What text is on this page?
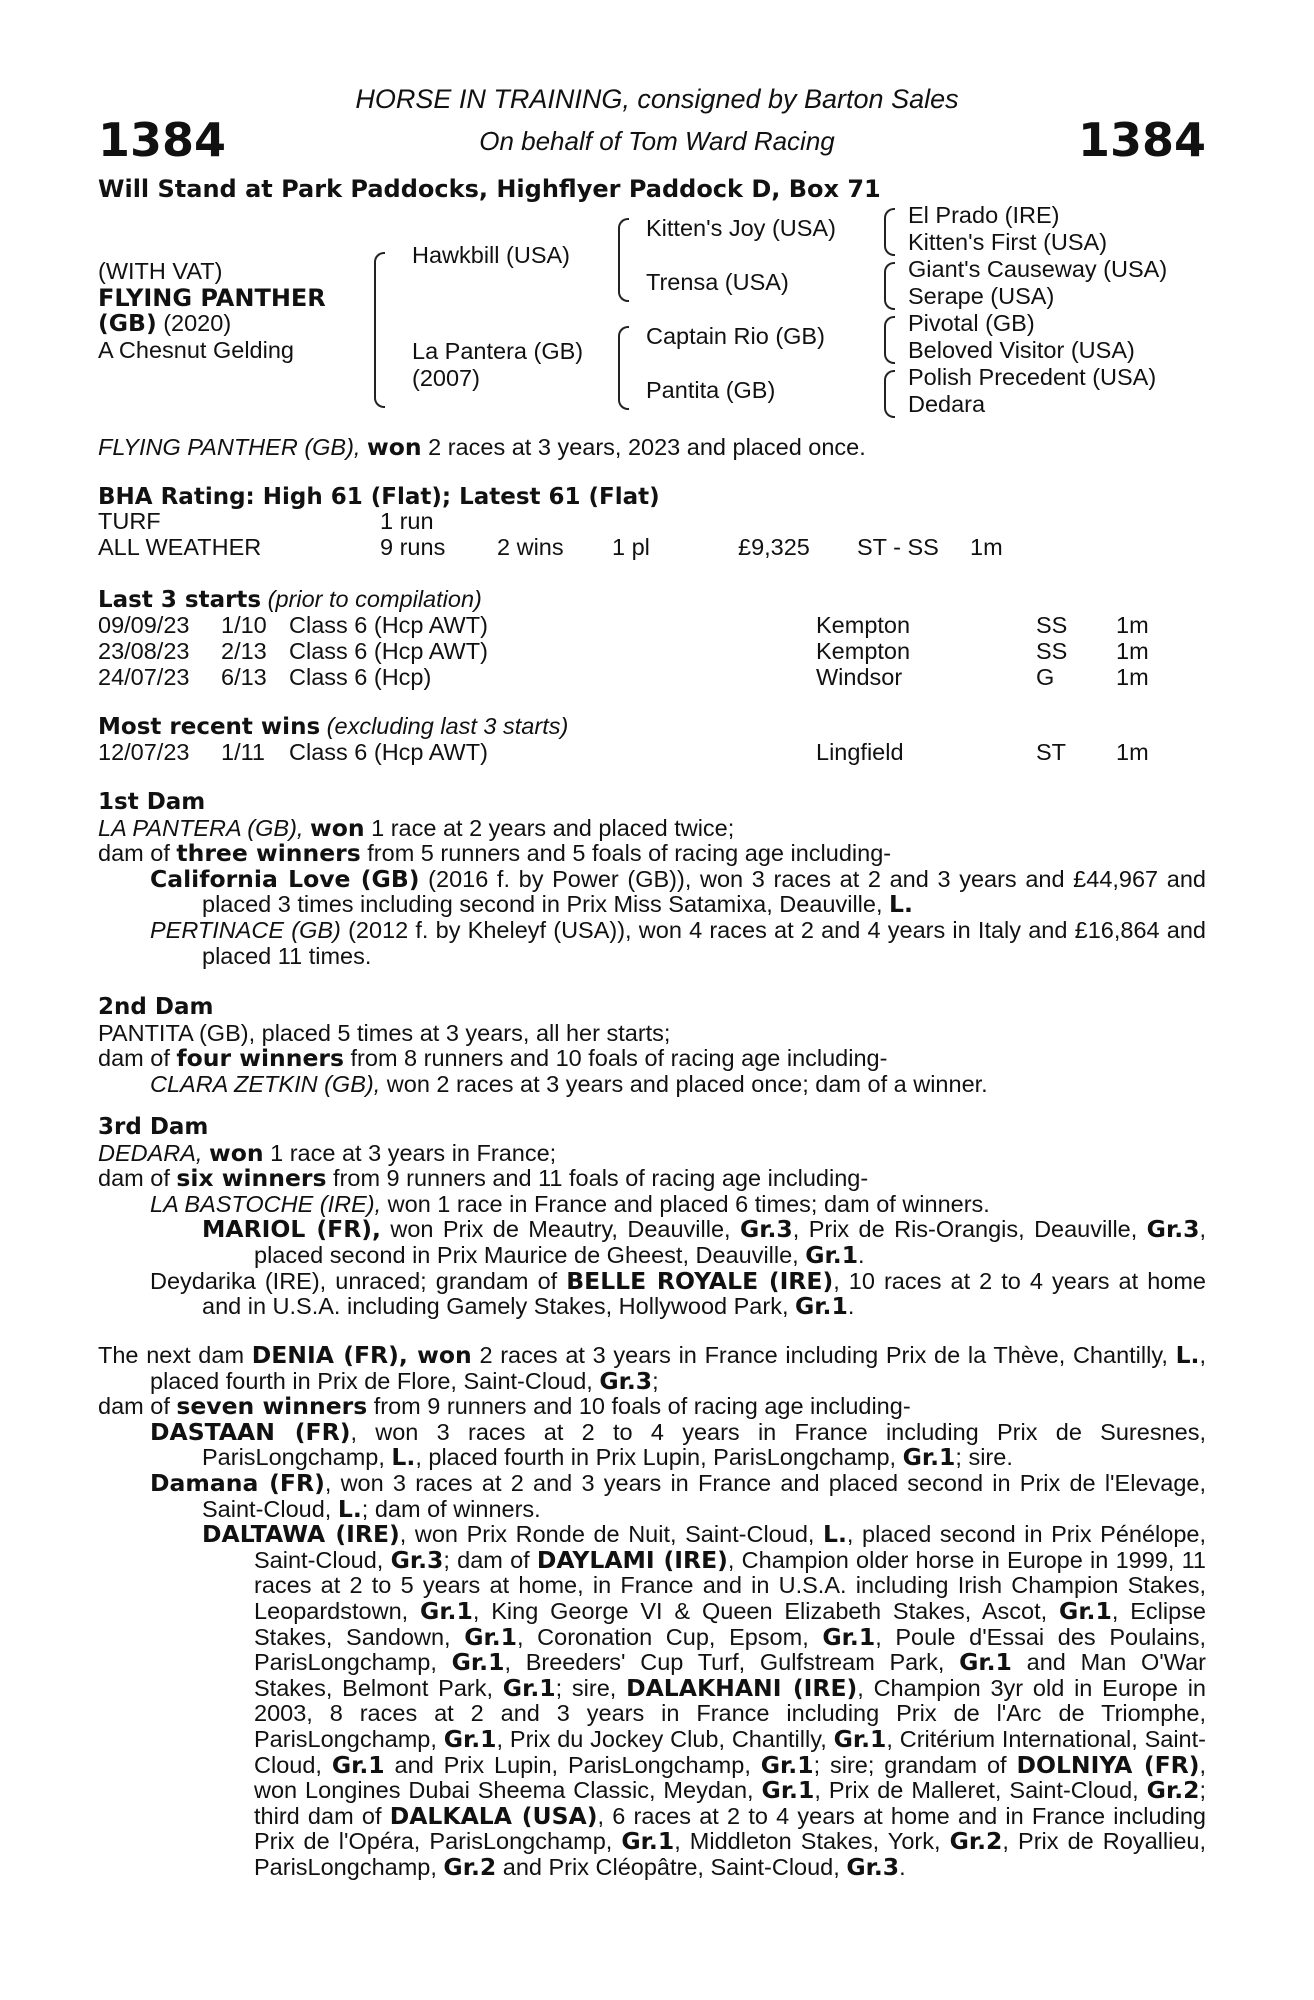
1384	1384
HORSE IN TRAINING, consigned by Barton Sales
On behalf of Tom Ward Racing
Will Stand at Park Paddocks, Highflyer Paddock D, Box 71
(WITH VAT)
FLYING PANTHER
(GB) (2020)
A Chesnut Gelding
Hawkbill (USA)
La Pantera (GB)
(2007)
Kitten's Joy (USA)
Trensa (USA)
Captain Rio (GB)
Pantita (GB)
El Prado (IRE)
Kitten's First (USA)
Giant's Causeway (USA)
Serape (USA)
Pivotal (GB)
Beloved Visitor (USA)
Polish Precedent (USA)
Dedara
FLYING PANTHER (GB), won 2 races at 3 years, 2023 and placed once.
BHA Rating: High 61 (Flat); Latest 61 (Flat)
Last 3 starts (prior to compilation)
Most recent wins (excluding last 3 starts)
1st Dam
LA PANTERA (GB), won 1 race at 2 years and placed twice;
dam of three winners from 5 runners and 5 foals of racing age including-
California Love (GB) (2016 f. by Power (GB)), won 3 races at 2 and 3 years and £44,967 and placed 3 times including second in Prix Miss Satamixa, Deauville, L.
PERTINACE (GB) (2012 f. by Kheleyf (USA)), won 4 races at 2 and 4 years in Italy and £16,864 and placed 11 times.
2nd Dam
PANTITA (GB), placed 5 times at 3 years, all her starts;
dam of four winners from 8 runners and 10 foals of racing age including-
CLARA ZETKIN (GB), won 2 races at 3 years and placed once; dam of a winner.
3rd Dam
DEDARA, won 1 race at 3 years in France;
dam of six winners from 9 runners and 11 foals of racing age including-
LA BASTOCHE (IRE), won 1 race in France and placed 6 times; dam of winners.
MARIOL (FR), won Prix de Meautry, Deauville, Gr.3, Prix de Ris-Orangis, Deauville, Gr.3, placed second in Prix Maurice de Gheest, Deauville, Gr.1.
Deydarika (IRE), unraced; grandam of BELLE ROYALE (IRE), 10 races at 2 to 4 years at home and in U.S.A. including Gamely Stakes, Hollywood Park, Gr.1.
The next dam DENIA (FR), won 2 races at 3 years in France including Prix de la Thève, Chantilly, L., placed fourth in Prix de Flore, Saint-Cloud, Gr.3;
dam of seven winners from 9 runners and 10 foals of racing age including-
DASTAAN (FR), won 3 races at 2 to 4 years in France including Prix de Suresnes, ParisLongchamp, L., placed fourth in Prix Lupin, ParisLongchamp, Gr.1; sire.
Damana (FR), won 3 races at 2 and 3 years in France and placed second in Prix de l'Elevage, Saint-Cloud, L.; dam of winners.
DALTAWA (IRE), won Prix Ronde de Nuit, Saint-Cloud, L., placed second in Prix Pénélope, Saint-Cloud, Gr.3; dam of DAYLAMI (IRE), Champion older horse in Europe in 1999, 11 races at 2 to 5 years at home, in France and in U.S.A. including Irish Champion Stakes, Leopardstown, Gr.1, King George VI & Queen Elizabeth Stakes, Ascot, Gr.1, Eclipse Stakes, Sandown, Gr.1, Coronation Cup, Epsom, Gr.1, Poule d'Essai des Poulains, ParisLongchamp, Gr.1, Breeders' Cup Turf, Gulfstream Park, Gr.1 and Man O'War Stakes, Belmont Park, Gr.1; sire, DALAKHANI (IRE), Champion 3yr old in Europe in 2003, 8 races at 2 and 3 years in France including Prix de l'Arc de Triomphe, ParisLongchamp, Gr.1, Prix du Jockey Club, Chantilly, Gr.1, Critérium International, Saint-Cloud, Gr.1 and Prix Lupin, ParisLongchamp, Gr.1; sire; grandam of DOLNIYA (FR), won Longines Dubai Sheema Classic, Meydan, Gr.1, Prix de Malleret, Saint-Cloud, Gr.2; third dam of DALKALA (USA), 6 races at 2 to 4 years at home and in France including Prix de l'Opéra, ParisLongchamp, Gr.1, Middleton Stakes, York, Gr.2, Prix de Royallieu, ParisLongchamp, Gr.2 and Prix Cléopâtre, Saint-Cloud, Gr.3.
TURF	1 run
ALL WEATHER	9 runs 2 wins 1 pl	£9,325 ST - SS 1m
09/09/23 1/10 Class 6 (Hcp AWT)	Kempton	SS 1m
23/08/23 2/13 Class 6 (Hcp AWT)	Kempton	SS 1m
24/07/23 6/13 Class 6 (Hcp)	Windsor	G	1m
12/07/23 1/11 Class 6 (Hcp AWT)	Lingfield	ST 1m
